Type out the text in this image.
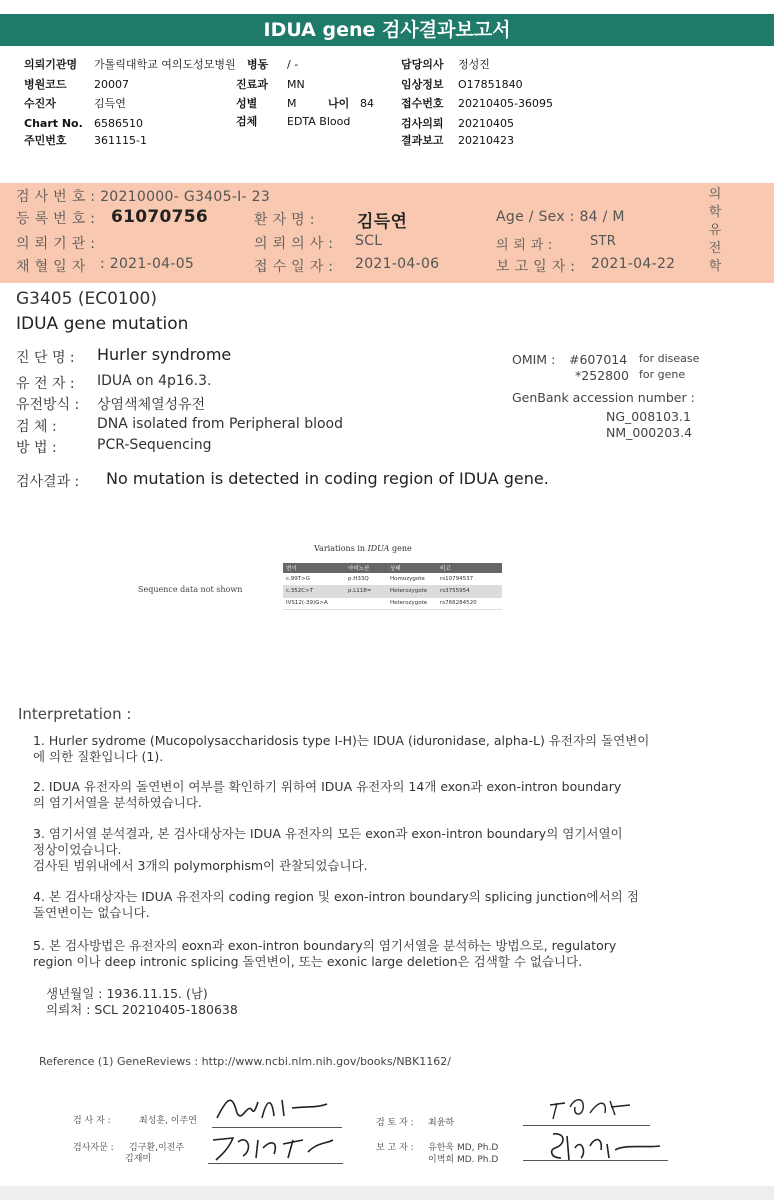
IDUA gene 검사결과보고서
의뢰기관명 가톨릭대학교 여의도성모병원 병동 / -	담당의사 정성진
병원코드 20007	진료과 MN	임상정보 O17851840
수진자	김득연	성별	M	나이 84 접수번호 20210405-36095
Chart No. 6586510	검체	EDTA Blood	검사의뢰 20210405
주민번호 361115-1	결과보고 20210423
검 사 번 호 : 20210000- G3405-I- 23
등 록 번 호 : 61070756	환 자 명 : 김득연	Age / Sex : 84 / M
의 뢰 기 관 :	의 뢰 의 사 : SCL	의 뢰 과 :	STR
채 혈 일 자 : 2021-04-05	접 수 일 자 : 2021-04-06	보 고 일 자 : 2021-04-22
의
학
유
전
학
G3405 (EC0100)
IDUA gene mutation
진 단 명 : Hurler syndrome
유 전 자 : IDUA on 4p16.3.
유전방식 : 상염색체열성유전
검 체 :	DNA isolated from Peripheral blood
방 법 :	PCR-Sequencing
OMIM : #607014 for disease
*252800 for gene
GenBank accession number :
NG_008103.1
NM_000203.4
검사결과 : No mutation is detected in coding region of IDUA gene.
Variations in IDUA gene
Sequence data not shown
변이	아미노산	상태	비고
c.99T>G	p.H33Q	Homozygote	rs10794537
c.352C>T	p.L118=	Heterozygote	rs3755954
IVS12(-39)G>A		Heterozygote	rs766284520
Interpretation :
1. Hurler sydrome (Mucopolysaccharidosis type I-H)는 IDUA (iduronidase, alpha-L) 유전자의 돌연변이
에 의한 질환입니다 (1).
2. IDUA 유전자의 돌연변이 여부를 확인하기 위하여 IDUA 유전자의 14개 exon과 exon-intron boundary
의 염기서열을 분석하였습니다.
3. 염기서열 분석결과, 본 검사대상자는 IDUA 유전자의 모든 exon과 exon-intron boundary의 염기서열이
정상이었습니다.
검사된 범위내에서 3개의 polymorphism이 관찰되었습니다.
4. 본 검사대상자는 IDUA 유전자의 coding region 및 exon-intron boundary의 splicing junction에서의 점
돌연변이는 없습니다.
5. 본 검사방법은 유전자의 eoxn과 exon-intron boundary의 염기서열을 분석하는 방법으로, regulatory
region 이나 deep intronic splicing 돌연변이, 또는 exonic large deletion은 검색할 수 없습니다.
생년월일 : 1936.11.15. (남)
의뢰처 : SCL 20210405-180638
Reference (1) GeneReviews : http://www.ncbi.nlm.nih.gov/books/NBK1162/
검 사 자 :	최성훈, 이주연	검 토 자 : 최윤하
검사자문 : 김구환,이진주
김재미
보 고 자 : 유한욱 MD, Ph.D
이벽희 MD. Ph.D
